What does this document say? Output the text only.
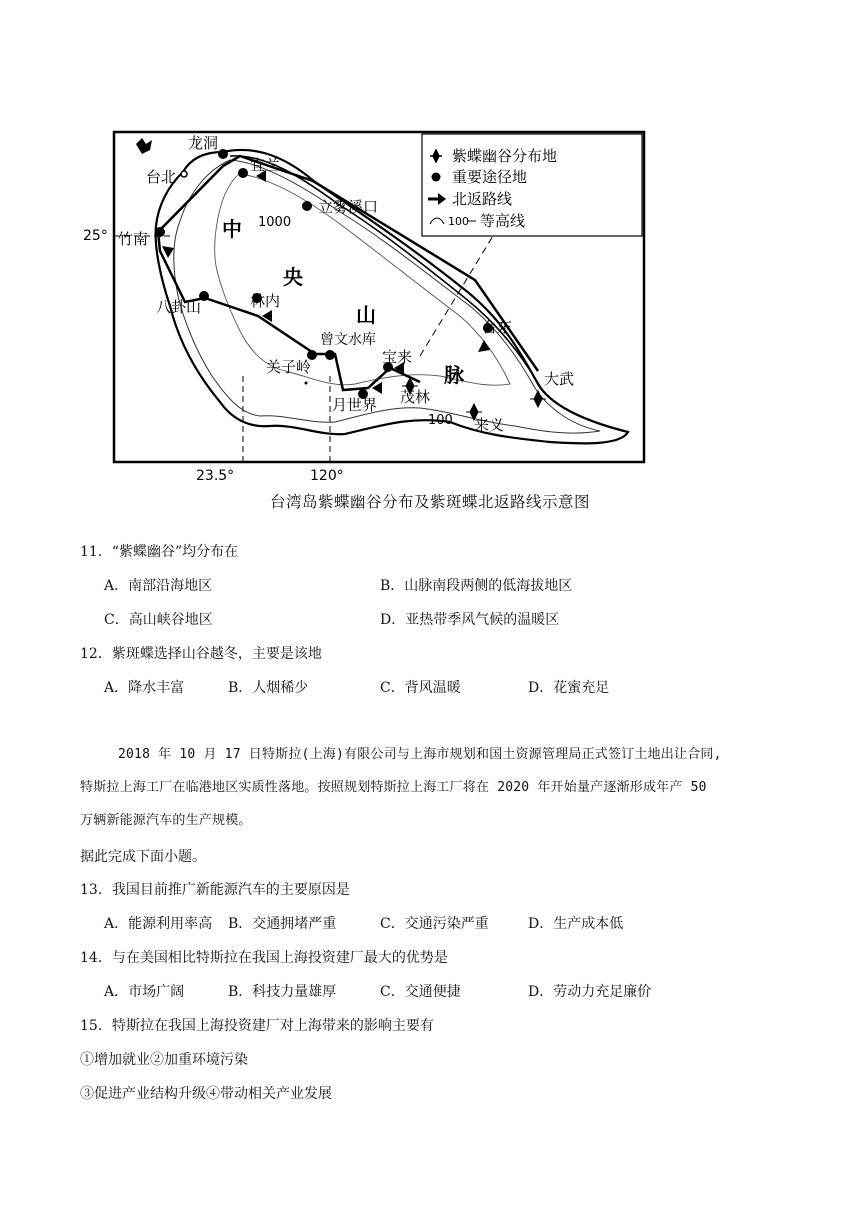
龙洞
宜兰
台北
立雾溪口
1000
竹南
八卦山	林内
曾文水库
关子岭
宝来
茂林
月世界
台东
大武
来义
100
中
央
山
脉
25°
23.5°	120°
紫蝶幽谷分布地
重要途径地
北返路线
100 等高线
台湾岛紫蝶幽谷分布及紫斑蝶北返路线示意图
11．“紫蝶幽谷”均分布在
A．南部沿海地区	B．山脉南段两侧的低海拔地区
C．高山峡谷地区	D．亚热带季风气候的温暖区
12．紫斑蝶选择山谷越冬，主要是该地
A．降水丰富	B．人烟稀少	C．背风温暖	D．花蜜充足
2018 年 10 月 17 日特斯拉(上海)有限公司与上海市规划和国土资源管理局正式签订土地出让合同,
特斯拉上海工厂在临港地区实质性落地。按照规划特斯拉上海工厂将在 2020 年开始量产逐渐形成年产 50
万辆新能源汽车的生产规模。
据此完成下面小题。
13．我国目前推广新能源汽车的主要原因是
A．能源利用率高 B．交通拥堵严重	C．交通污染严重	D．生产成本低
14．与在美国相比特斯拉在我国上海投资建厂最大的优势是
A．市场广阔	B．科技力量雄厚	C．交通便捷	D．劳动力充足廉价
15．特斯拉在我国上海投资建厂对上海带来的影响主要有
①增加就业②加重环境污染
③促进产业结构升级④带动相关产业发展
